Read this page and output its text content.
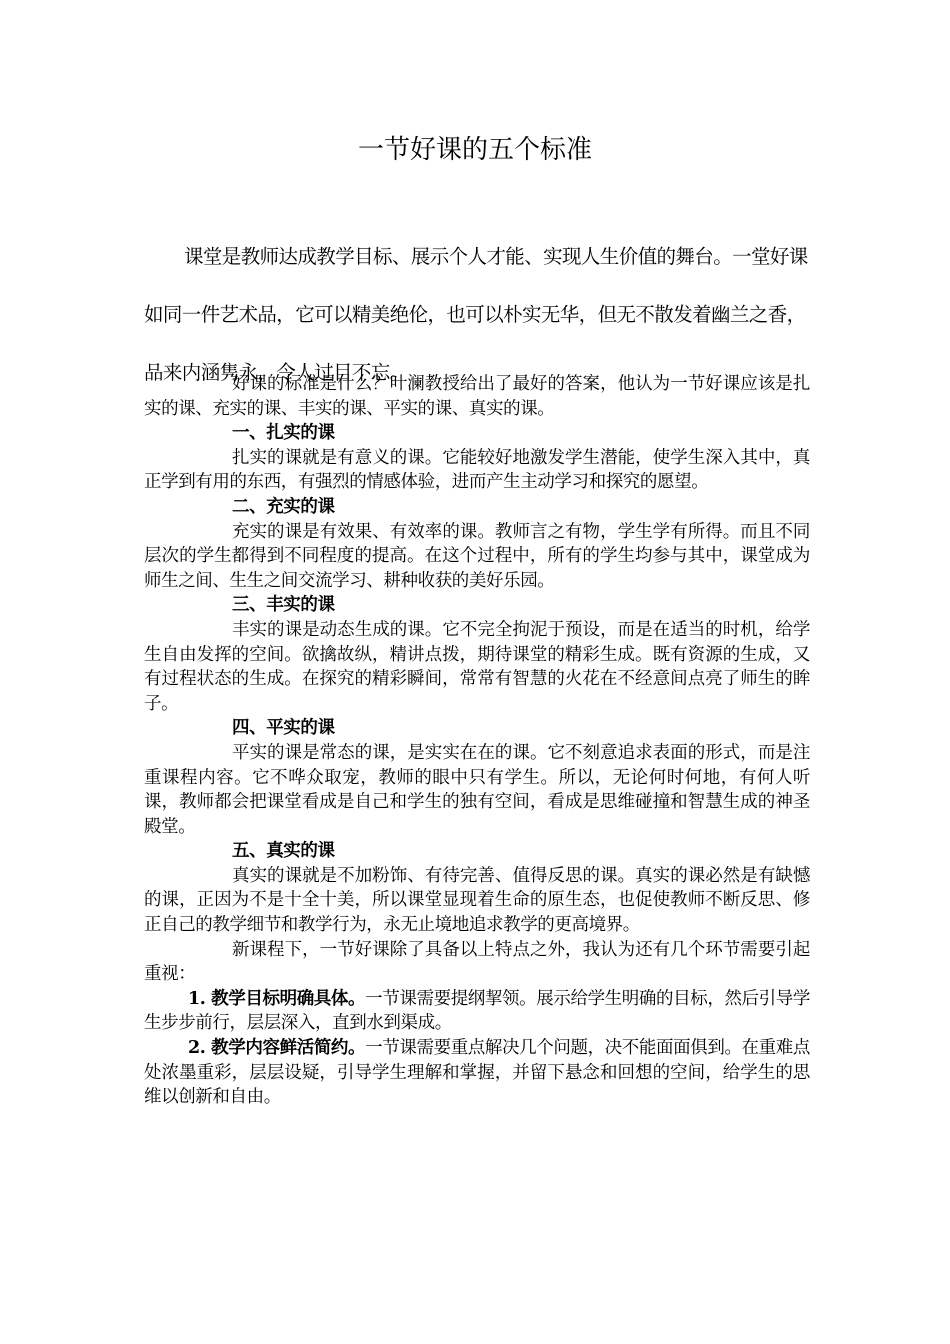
一节好课的五个标准

课堂是教师达成教学目标、展示个人才能、实现人生价值的舞台。一堂好课如同一件艺术品，它可以精美绝伦，也可以朴实无华，但无不散发着幽兰之香，品来内涵隽永，令人过目不忘。

好课的标准是什么？叶澜教授给出了最好的答案，他认为一节好课应该是扎实的课、充实的课、丰实的课、平实的课、真实的课。

一、扎实的课

扎实的课就是有意义的课。它能较好地激发学生潜能，使学生深入其中，真正学到有用的东西，有强烈的情感体验，进而产生主动学习和探究的愿望。

二、充实的课

充实的课是有效果、有效率的课。教师言之有物，学生学有所得。而且不同层次的学生都得到不同程度的提高。在这个过程中，所有的学生均参与其中，课堂成为师生之间、生生之间交流学习、耕种收获的美好乐园。

三、丰实的课

丰实的课是动态生成的课。它不完全拘泥于预设，而是在适当的时机，给学生自由发挥的空间。欲擒故纵，精讲点拨，期待课堂的精彩生成。既有资源的生成，又有过程状态的生成。在探究的精彩瞬间，常常有智慧的火花在不经意间点亮了师生的眸子。

四、平实的课

平实的课是常态的课，是实实在在的课。它不刻意追求表面的形式，而是注重课程内容。它不哗众取宠，教师的眼中只有学生。所以，无论何时何地，有何人听课，教师都会把课堂看成是自己和学生的独有空间，看成是思维碰撞和智慧生成的神圣殿堂。

五、真实的课

真实的课就是不加粉饰、有待完善、值得反思的课。真实的课必然是有缺憾的课，正因为不是十全十美，所以课堂显现着生命的原生态，也促使教师不断反思、修正自己的教学细节和教学行为，永无止境地追求教学的更高境界。

新课程下，一节好课除了具备以上特点之外，我认为还有几个环节需要引起重视：

1. 教学目标明确具体。一节课需要提纲挈领。展示给学生明确的目标，然后引导学生步步前行，层层深入，直到水到渠成。

2. 教学内容鲜活简约。一节课需要重点解决几个问题，决不能面面俱到。在重难点处浓墨重彩，层层设疑，引导学生理解和掌握，并留下悬念和回想的空间，给学生的思维以创新和自由。
